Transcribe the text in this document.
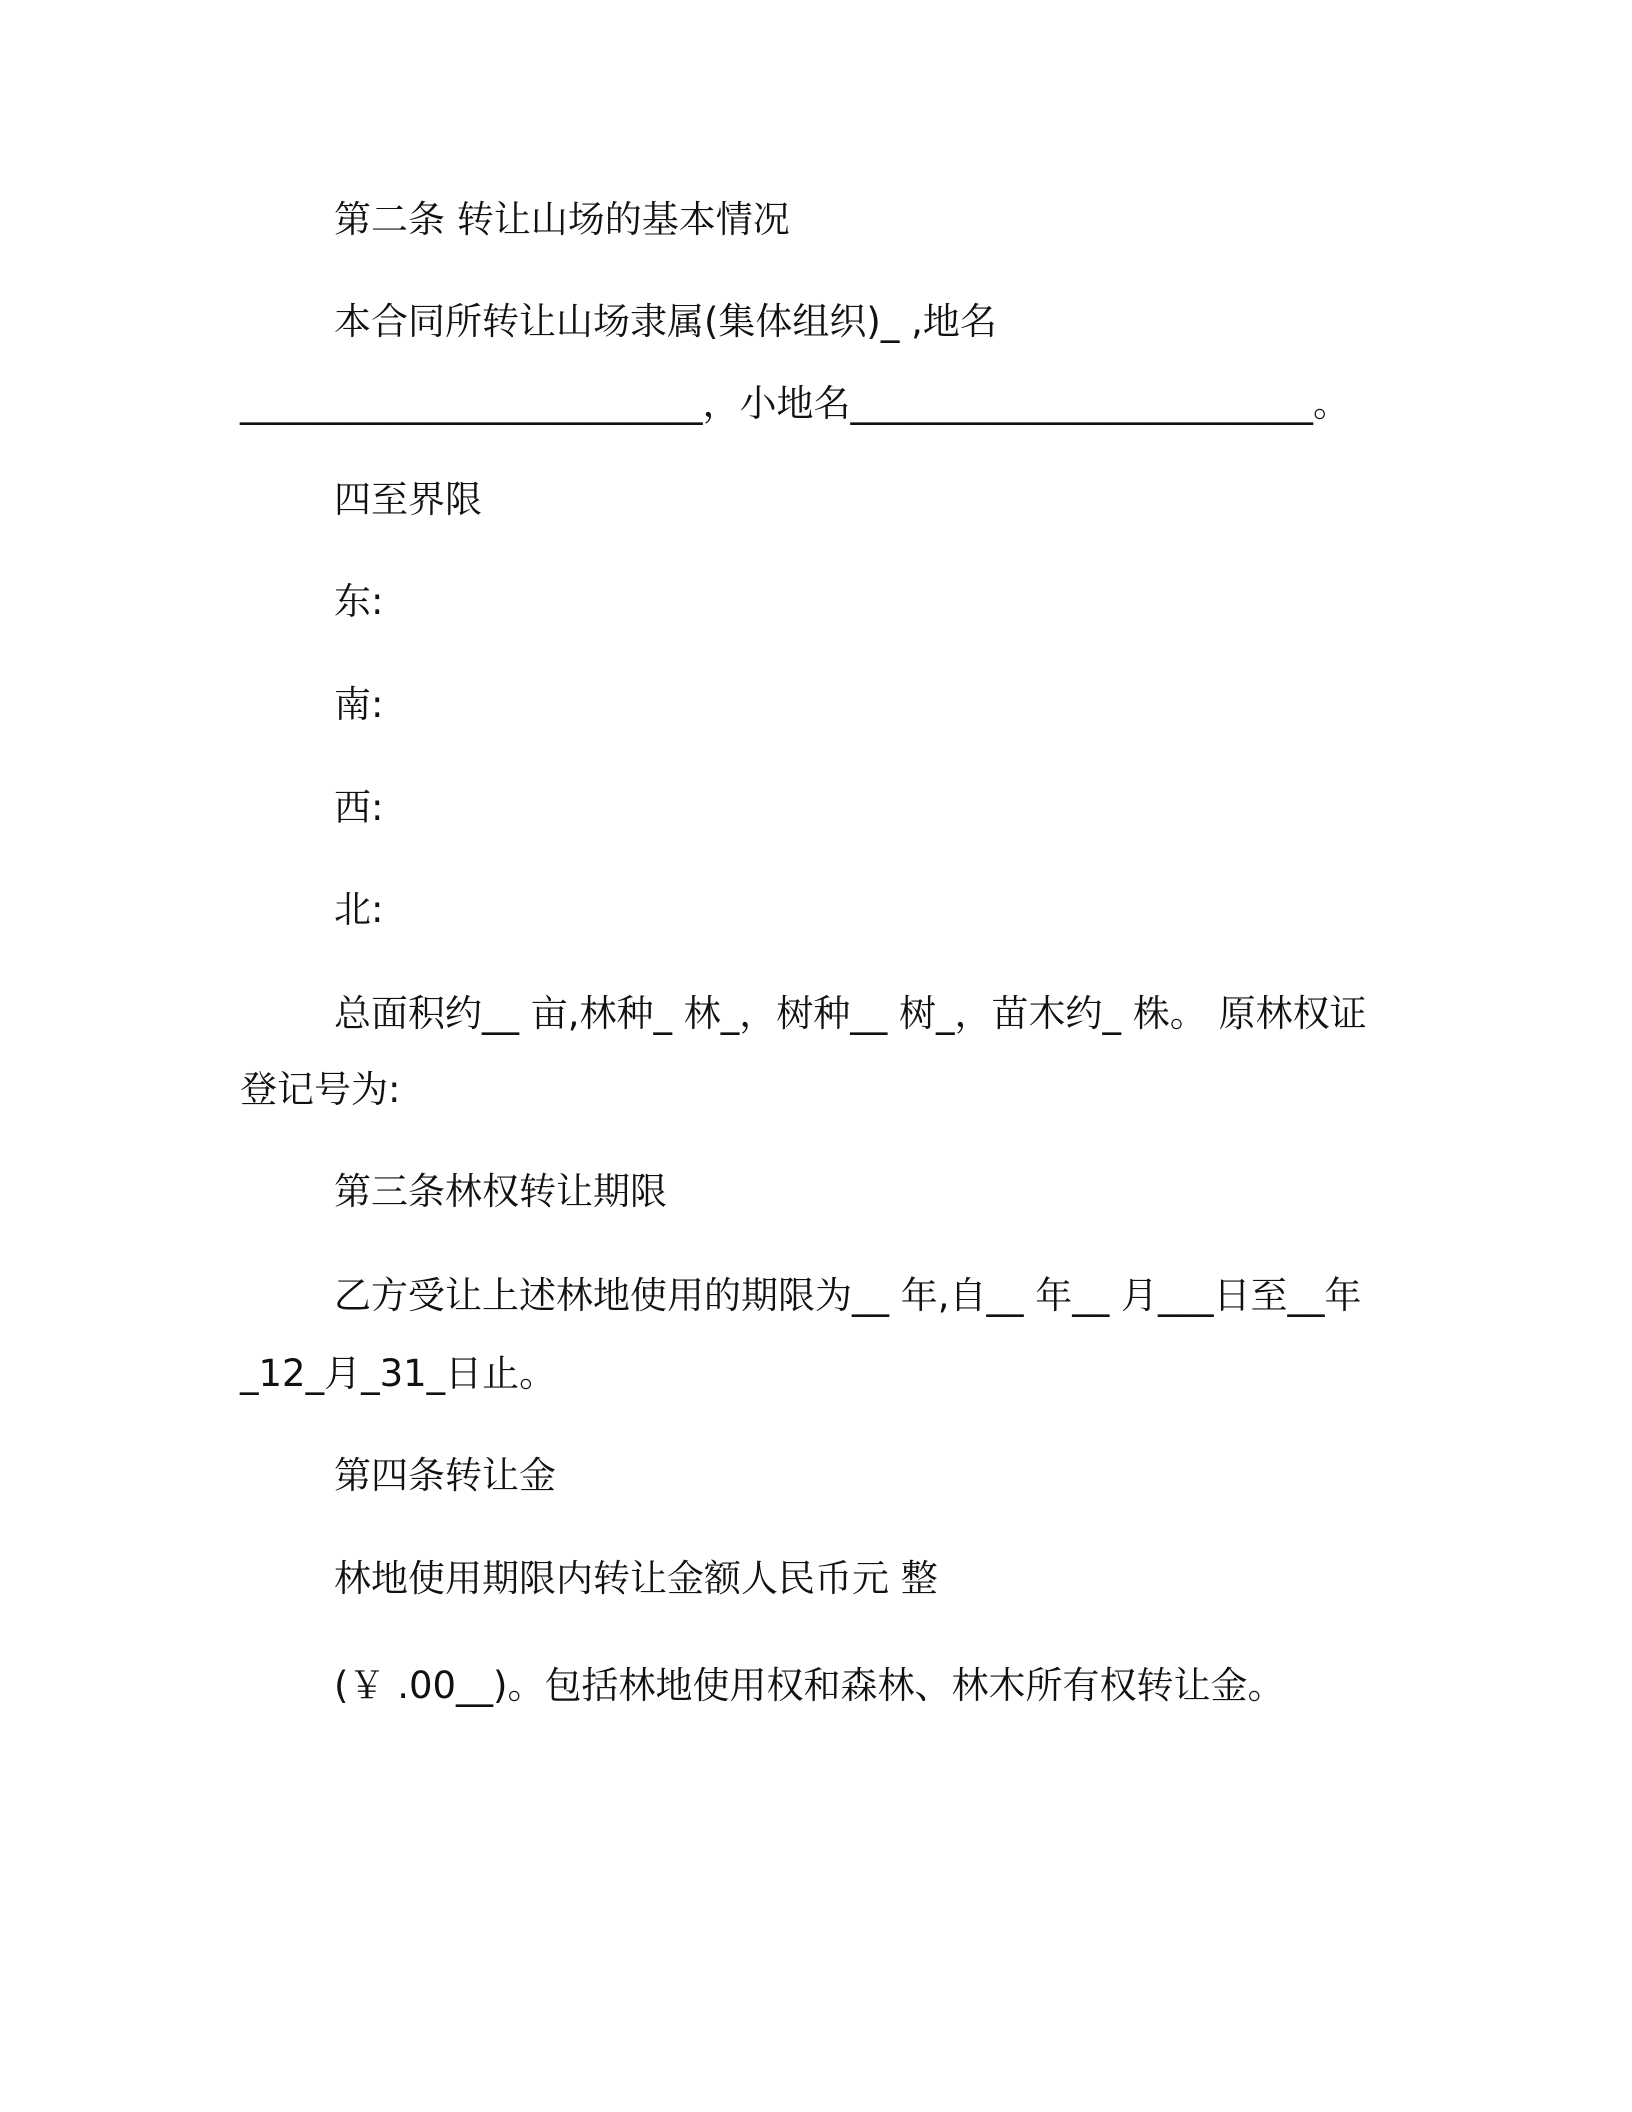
第二条 转让山场的基本情况
本合同所转让山场隶属(集体组织)_ ,地名
_________________________，小地名_________________________。
四至界限
东:
南:
西:
北:
总面积约__ 亩,林种_ 林_，树种__ 树_，苗木约_ 株。 原林权证
登记号为:
第三条林权转让期限
乙方受让上述林地使用的期限为__ 年,自__ 年__ 月___日至__年
_12_月_31_日止。
第四条转让金
林地使用期限内转让金额人民币元 整
(￥ .00__)。包括林地使用权和森林、林木所有权转让金。
